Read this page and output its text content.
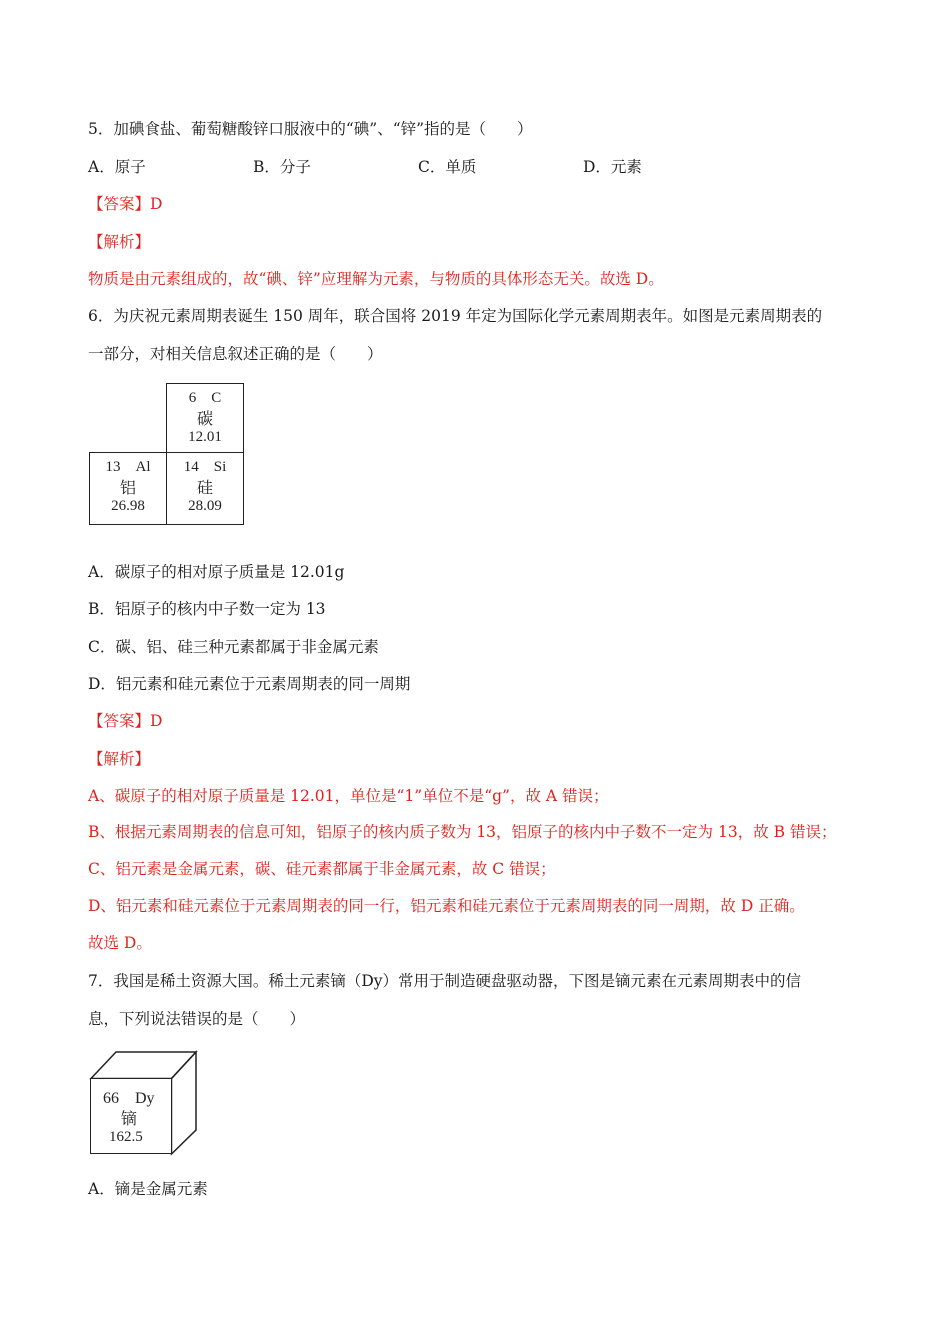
5．加碘食盐、葡萄糖酸锌口服液中的“碘”、“锌”指的是（　　）
A．原子	B．分子	C．单质	D．元素
【答案】D
【解析】
物质是由元素组成的，故“碘、锌”应理解为元素，与物质的具体形态无关。故选 D。
6．为庆祝元素周期表诞生 150 周年，联合国将 2019 年定为国际化学元素周期表年。如图是元素周期表的
一部分，对相关信息叙述正确的是（　　）
6　C
碳
12.01
13　Al
铝
26.98
14　Si
硅
28.09
A．碳原子的相对原子质量是 12.01g
B．铝原子的核内中子数一定为 13
C．碳、铝、硅三种元素都属于非金属元素
D．铝元素和硅元素位于元素周期表的同一周期
【答案】D
【解析】
A、碳原子的相对原子质量是 12.01，单位是“1”单位不是“g”，故 A 错误；
B、根据元素周期表的信息可知，铝原子的核内质子数为 13，铝原子的核内中子数不一定为 13，故 B 错误；
C、铝元素是金属元素，碳、硅元素都属于非金属元素，故 C 错误；
D、铝元素和硅元素位于元素周期表的同一行，铝元素和硅元素位于元素周期表的同一周期，故 D 正确。
故选 D。
7．我国是稀土资源大国。稀土元素镝（Dy）常用于制造硬盘驱动器，下图是镝元素在元素周期表中的信
息，下列说法错误的是（　　）
66　Dy
镝
162.5
A．镝是金属元素
